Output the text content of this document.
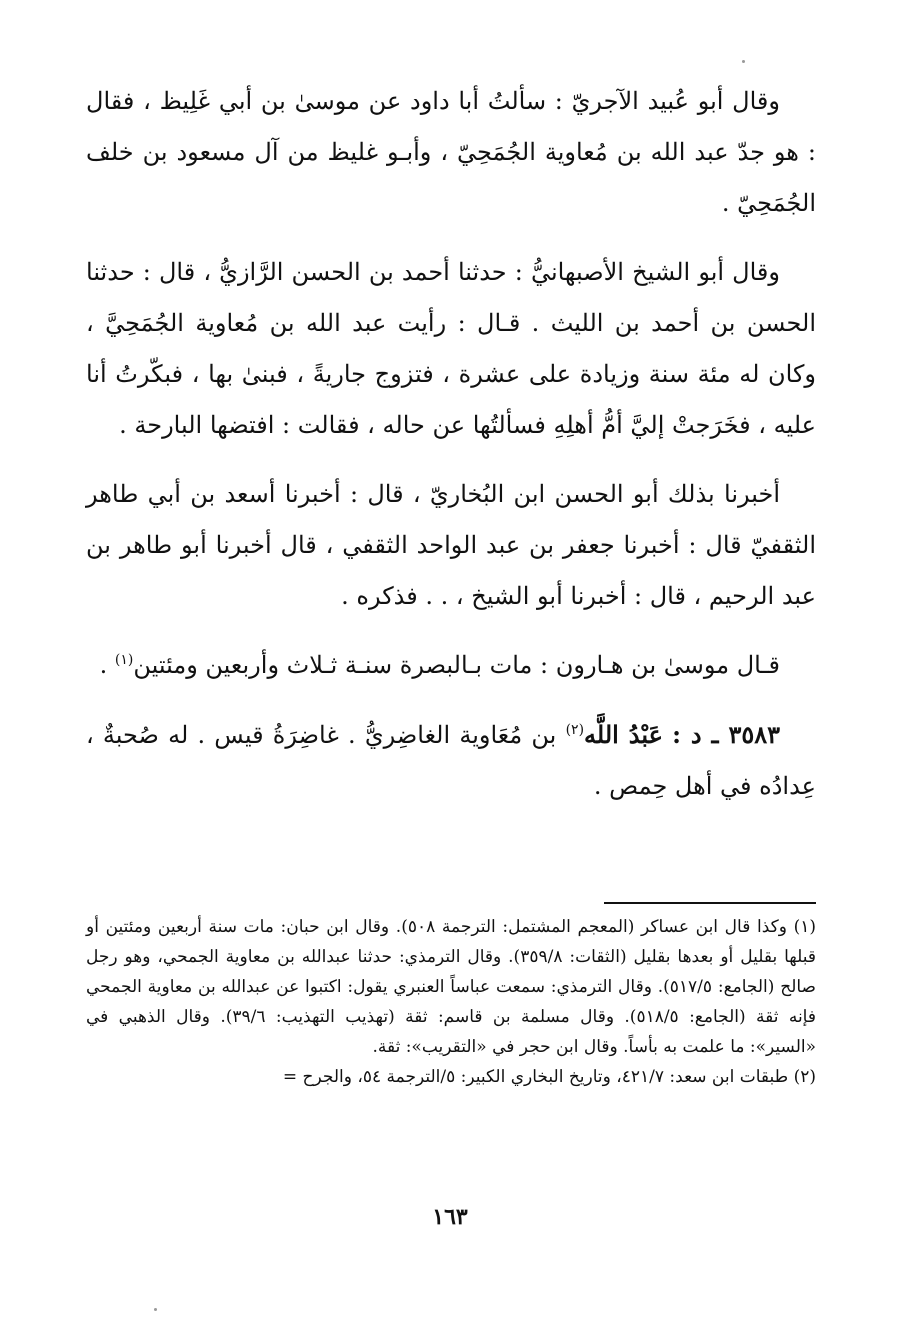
وقال أبو عُبيد الآجريّ : سألتُ أبا داود عن موسىٰ بن أبي غَلِيظ ، فقال : هو جدّ عبد الله بن مُعاوية الجُمَحِيّ ، وأبـو غليظ من آل مسعود بن خلف الجُمَحِيّ .

وقال أبو الشيخ الأصبهانيُّ : حدثنا أحمد بن الحسن الرَّازيُّ ، قال : حدثنا الحسن بن أحمد بن الليث . قـال : رأيت عبد الله بن مُعاوية الجُمَحِيَّ ، وكان له مئة سنة وزيادة على عشرة ، فتزوج جاريةً ، فبنىٰ بها ، فبكّرتُ أنا عليه ، فخَرَجتْ إليَّ أمُّ أهلِهِ فسألتُها عن حاله ، فقالت : افتضها البارحة .

أخبرنا بذلك أبو الحسن ابن البُخاريّ ، قال : أخبرنا أسعد بن أبي طاهر الثقفيّ قال : أخبرنا جعفر بن عبد الواحد الثقفي ، قال أخبرنا أبو طاهر بن عبد الرحيم ، قال : أخبرنا أبو الشيخ ، . . فذكره .

قـال موسىٰ بن هـارون : مات بـالبصرة سنـة ثـلاث وأربعين ومئتين$^{(١)}$ .

٣٥٨٣ ـ د : عَبْدُ اللَّه$^{(٢)}$ بن مُعَاوية الغاضِريُّ . غاضِرَةُ قيس . له صُحبةٌ ، عِدادُه في أهل حِمص .

(١) وكذا قال ابن عساكر (المعجم المشتمل: الترجمة ٥٠٨). وقال ابن حبان: مات سنة أربعين ومئتين أو قبلها بقليل أو بعدها بقليل (الثقات: ٣٥٩/٨). وقال الترمذي: حدثنا عبدالله بن معاوية الجمحي، وهو رجل صالح (الجامع: ٥١٧/٥). وقال الترمذي: سمعت عباساً العنبري يقول: اكتبوا عن عبدالله بن معاوية الجمحي فإنه ثقة (الجامع: ٥١٨/٥). وقال مسلمة بن قاسم: ثقة (تهذيب التهذيب: ٣٩/٦). وقال الذهبي في «السير»: ما علمت به بأساً. وقال ابن حجر في «التقريب»: ثقة.

(٢) طبقات ابن سعد: ٤٢١/٧، وتاريخ البخاري الكبير: ٥/الترجمة ٥٤، والجرح =

١٦٣
